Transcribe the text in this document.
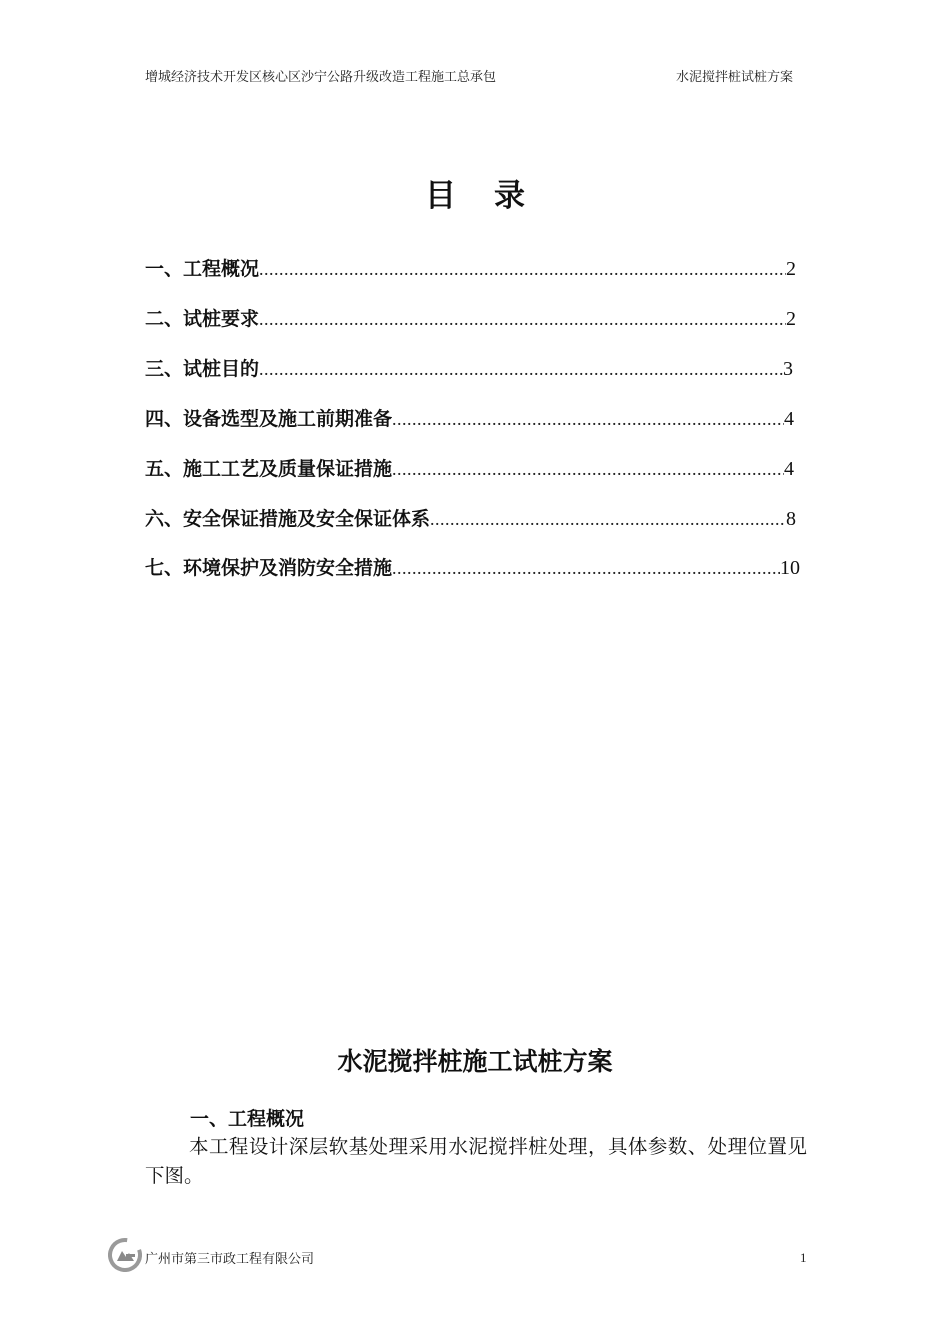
增城经济技术开发区核心区沙宁公路升级改造工程施工总承包	水泥搅拌桩试桩方案
目录
一、工程概况 .....	2
二、试桩要求 .....	2
三、试桩目的 .....	3
四、设备选型及施工前期准备 .....	4
五、施工工艺及质量保证措施 .....	4
六、安全保证措施及安全保证体系 .....	8
七、环境保护及消防安全措施 .....	10
水泥搅拌桩施工试桩方案
一、工程概况
本工程设计深层软基处理采用水泥搅拌桩处理，具体参数、处理位置见下图。
广州市第三市政工程有限公司	1
